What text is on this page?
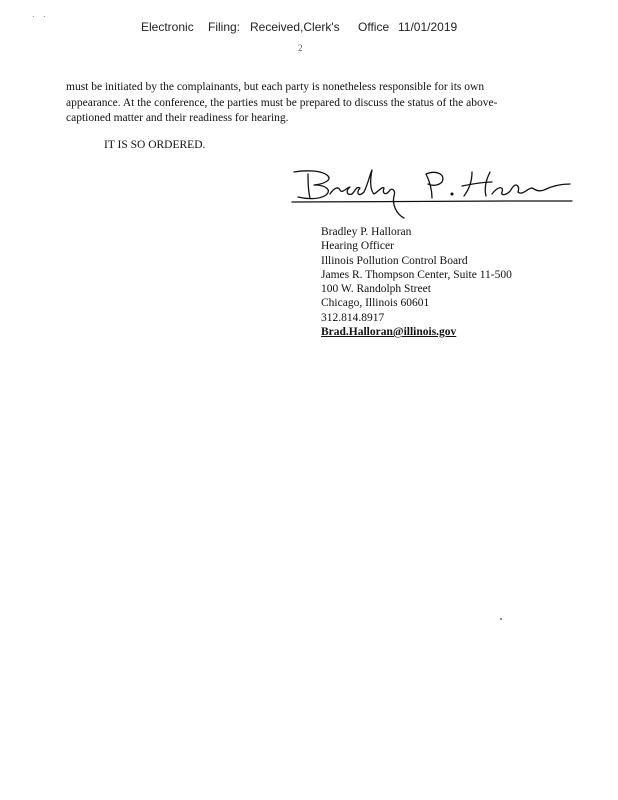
. .
Electronic Filing: Received,Clerk's Office 11/01/2019
2
must be initiated by the complainants, but each party is nonetheless responsible for its own
appearance. At the conference, the parties must be prepared to discuss the status of the above-
captioned matter and their readiness for hearing.
IT IS SO ORDERED.
Bradley P. Halloran
Hearing Officer
Illinois Pollution Control Board
James R. Thompson Center, Suite 11-500
100 W. Randolph Street
Chicago, Illinois 60601
312.814.8917
Brad.Halloran@illinois.gov
